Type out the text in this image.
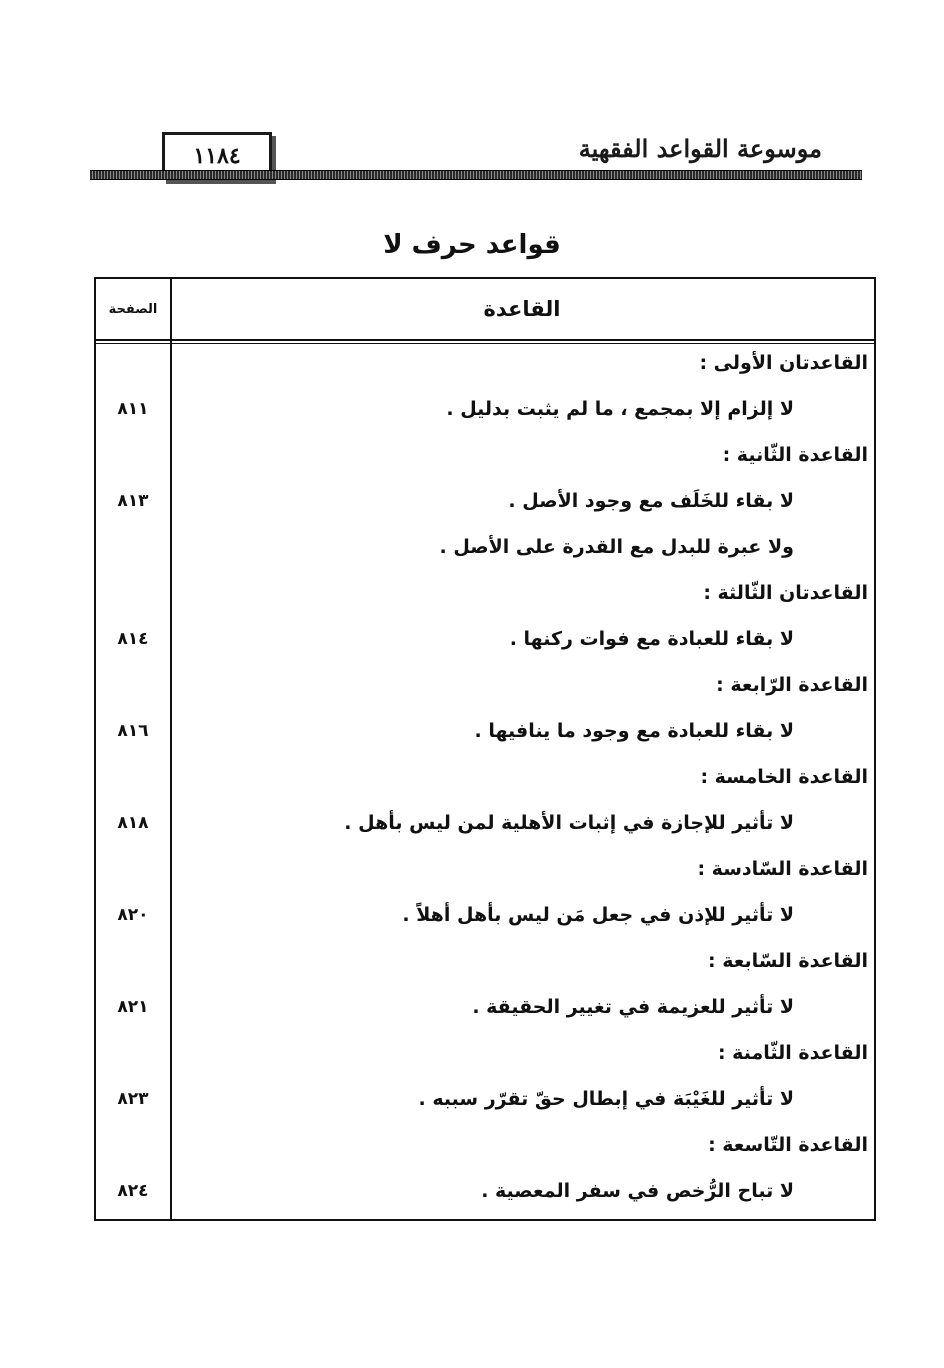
موسوعة القواعد الفقهية
١١٨٤
قواعد حرف لا
القاعدة
الصفحة
القاعدتان الأولى :
لا إلزام إلا بمجمع ، ما لم يثبت بدليل .
٨١١
القاعدة الثّانية :
لا بقاء للخَلَف مع وجود الأصل .
٨١٣
ولا عبرة للبدل مع القدرة على الأصل .
القاعدتان الثّالثة :
لا بقاء للعبادة مع فوات ركنها .
٨١٤
القاعدة الرّابعة :
لا بقاء للعبادة مع وجود ما ينافيها .
٨١٦
القاعدة الخامسة :
لا تأثير للإجازة في إثبات الأهلية لمن ليس بأهل .
٨١٨
القاعدة السّادسة :
لا تأثير للإذن في جعل مَن ليس بأهل أهلاً .
٨٢٠
القاعدة السّابعة :
لا تأثير للعزيمة في تغيير الحقيقة .
٨٢١
القاعدة الثّامنة :
لا تأثير للغَيْبَة في إبطال حقّ تقرّر سببه .
٨٢٣
القاعدة التّاسعة :
لا تباح الرُّخص في سفر المعصية .
٨٢٤
